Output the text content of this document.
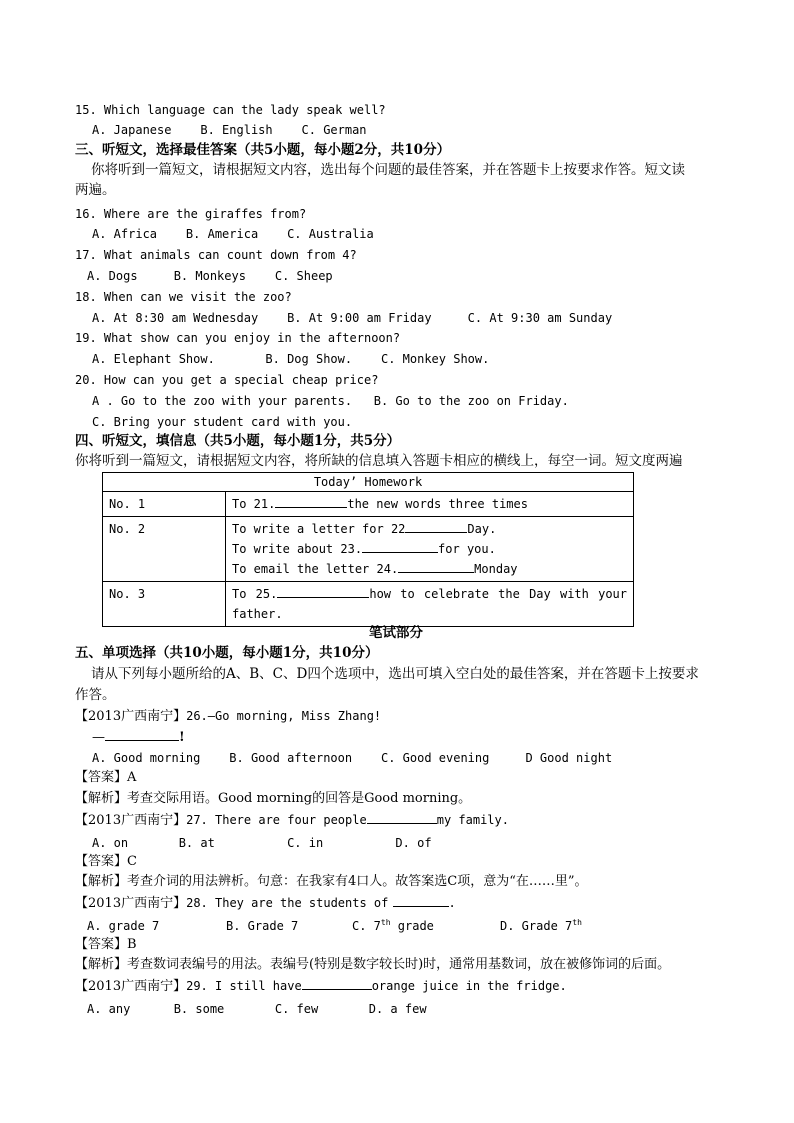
15. Which language can the lady speak well?
A. Japanese    B. English    C. German
三、听短文，选择最佳答案（共5小题，每小题2分，共10分）
你将听到一篇短文，请根据短文内容，选出每个问题的最佳答案，并在答题卡上按要求作答。短文读
两遍。
16. Where are the giraffes from?
A. Africa    B. America    C. Australia
17. What animals can count down from 4?
A. Dogs     B. Monkeys    C. Sheep
18. When can we visit the zoo?
A. At 8:30 am Wednesday    B. At 9:00 am Friday     C. At 9:30 am Sunday
19. What show can you enjoy in the afternoon?
A. Elephant Show.       B. Dog Show.    C. Monkey Show.
20. How can you get a special cheap price?
A . Go to the zoo with your parents.   B. Go to the zoo on Friday.
C. Bring your student card with you.
四、听短文，填信息（共5小题，每小题1分，共5分）
你将听到一篇短文，请根据短文内容，将所缺的信息填入答题卡相应的横线上，每空一词。短文度两遍
Today’ Homework	
No. 1	To 21. the new words three times
No. 2	To write a letter for 22 Day.
To write about 23. for you.
To email the letter 24. Monday

No. 3	To 25. how to celebrate the Day with your
father.
笔试部分
五、单项选择（共10小题，每小题1分，共10分）
请从下列每小题所给的A、B、C、D四个选项中，选出可填入空白处的最佳答案，并在答题卡上按要求
作答。
【2013广西南宁】26.—Go morning, Miss Zhang!
—	!
A. Good morning    B. Good afternoon    C. Good evening     D Good night
【答案】A
【解析】考查交际用语。Good morning的回答是Good morning。
【2013广西南宁】27. There are four people	my family.
A. on       B. at          C. in          D. of
【答案】C
【解析】考查介词的用法辨析。句意：在我家有4口人。故答案选C项，意为“在……里”。
【2013广西南宁】28. They are the students of	.
A. grade 7	B. Grade 7	C. 7th grade	D. Grade 7th
【答案】B
【解析】考查数词表编号的用法。表编号(特别是数字较长时)时，通常用基数词，放在被修饰词的后面。
【2013广西南宁】29. I still have	orange juice in the fridge.
A. any      B. some       C. few       D. a few
